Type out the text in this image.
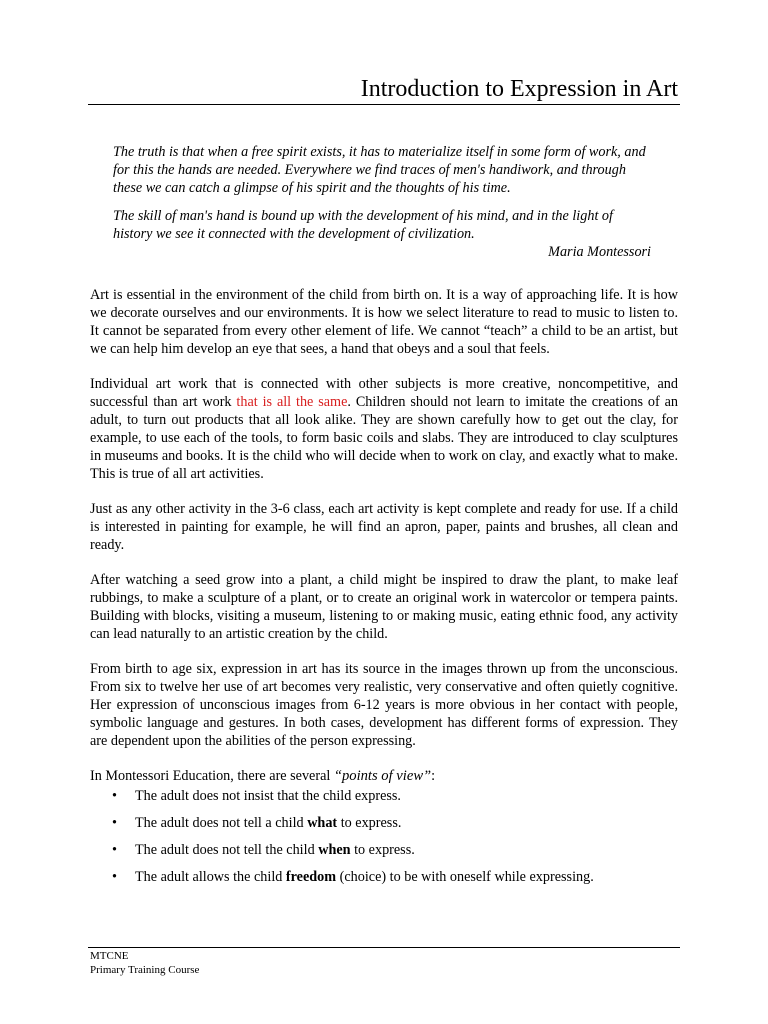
Introduction to Expression in Art

The truth is that when a free spirit exists, it has to materialize itself in some form of work, and for this the hands are needed. Everywhere we find traces of men's handiwork, and through these we can catch a glimpse of his spirit and the thoughts of his time.

The skill of man's hand is bound up with the development of his mind, and in the light of history we see it connected with the development of civilization.

Maria Montessori

Art is essential in the environment of the child from birth on. It is a way of approaching life. It is how we decorate ourselves and our environments. It is how we select literature to read to music to listen to. It cannot be separated from every other element of life. We cannot “teach” a child to be an artist, but we can help him develop an eye that sees, a hand that obeys and a soul that feels.

Individual art work that is connected with other subjects is more creative, noncompetitive, and successful than art work that is all the same. Children should not learn to imitate the creations of an adult, to turn out products that all look alike. They are shown carefully how to get out the clay, for example, to use each of the tools, to form basic coils and slabs. They are introduced to clay sculptures in museums and books. It is the child who will decide when to work on clay, and exactly what to make. This is true of all art activities.

Just as any other activity in the 3-6 class, each art activity is kept complete and ready for use. If a child is interested in painting for example, he will find an apron, paper, paints and brushes, all clean and ready.

After watching a seed grow into a plant, a child might be inspired to draw the plant, to make leaf rubbings, to make a sculpture of a plant, or to create an original work in watercolor or tempera paints. Building with blocks, visiting a museum, listening to or making music, eating ethnic food, any activity can lead naturally to an artistic creation by the child.

From birth to age six, expression in art has its source in the images thrown up from the unconscious. From six to twelve her use of art becomes very realistic, very conservative and often quietly cognitive. Her expression of unconscious images from 6-12 years is more obvious in her contact with people, symbolic language and gestures. In both cases, development has different forms of expression. They are dependent upon the abilities of the person expressing.

In Montessori Education, there are several “points of view”:

• The adult does not insist that the child express.
• The adult does not tell a child what to express.
• The adult does not tell the child when to express.
• The adult allows the child freedom (choice) to be with oneself while expressing.
MTCNE
Primary Training Course
